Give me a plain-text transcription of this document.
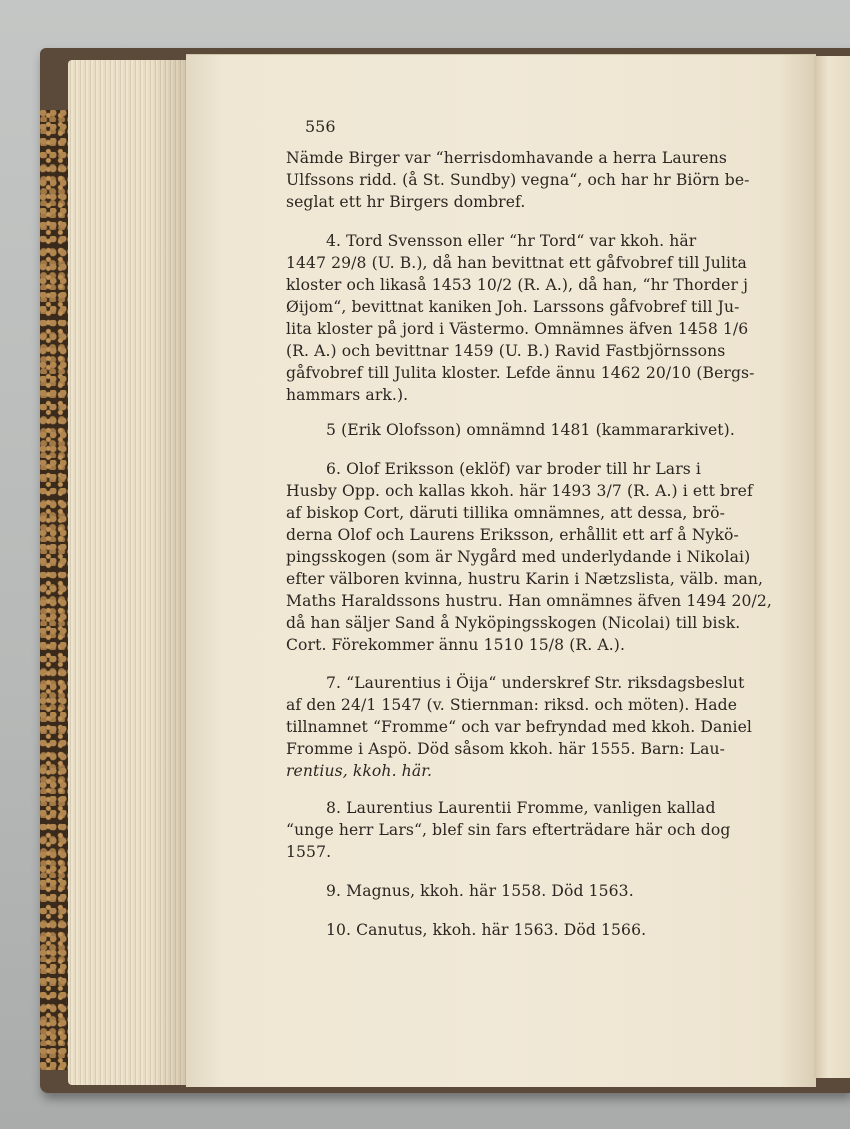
556
Nämde Birger var “herrisdomhavande a herra Laurens
Ulfssons ridd. (å St. Sundby) vegna“, och har hr Biörn be-
seglat ett hr Birgers dombref.
4. Tord Svensson eller “hr Tord“ var kkoh. här
1447 29/8 (U. B.), då han bevittnat ett gåfvobref till Julita
kloster och likaså 1453 10/2 (R. A.), då han, “hr Thorder j
Øijom“, bevittnat kaniken Joh. Larssons gåfvobref till Ju-
lita kloster på jord i Västermo. Omnämnes äfven 1458 1/6
(R. A.) och bevittnar 1459 (U. B.) Ravid Fastbjörnssons
gåfvobref till Julita kloster. Lefde ännu 1462 20/10 (Bergs-
hammars ark.).
5 (Erik Olofsson) omnämnd 1481 (kammararkivet).
6. Olof Eriksson (eklöf) var broder till hr Lars i
Husby Opp. och kallas kkoh. här 1493 3/7 (R. A.) i ett bref
af biskop Cort, däruti tillika omnämnes, att dessa, brö-
derna Olof och Laurens Eriksson, erhållit ett arf å Nykö-
pingsskogen (som är Nygård med underlydande i Nikolai)
efter välboren kvinna, hustru Karin i Nætzslista, välb. man,
Maths Haraldssons hustru. Han omnämnes äfven 1494 20/2,
då han säljer Sand å Nyköpingsskogen (Nicolai) till bisk.
Cort. Förekommer ännu 1510 15/8 (R. A.).
7. “Laurentius i Öija“ underskref Str. riksdagsbeslut
af den 24/1 1547 (v. Stiernman: riksd. och möten). Hade
tillnamnet “Fromme“ och var befryndad med kkoh. Daniel
Fromme i Aspö. Död såsom kkoh. här 1555. Barn: Lau-
rentius, kkoh. här.
8. Laurentius Laurentii Fromme, vanligen kallad
“unge herr Lars“, blef sin fars efterträdare här och dog
1557.
9. Magnus, kkoh. här 1558. Död 1563.
10. Canutus, kkoh. här 1563. Död 1566.
